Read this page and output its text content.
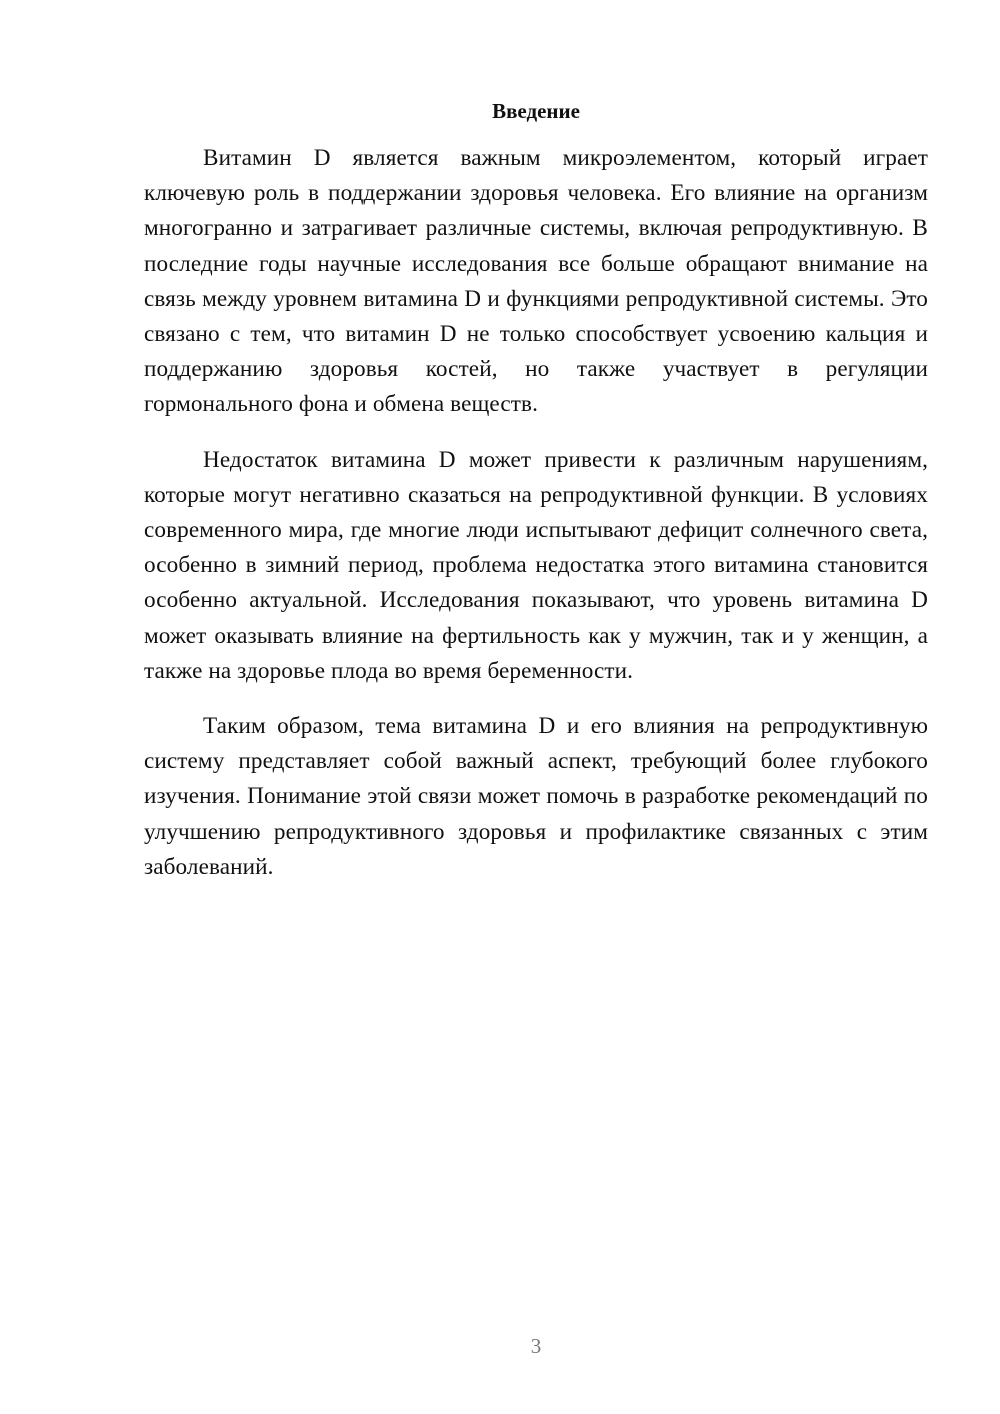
Введение

Витамин D является важным микроэлементом, который играет ключевую роль в поддержании здоровья человека. Его влияние на организм многогранно и затрагивает различные системы, включая репродуктивную. В последние годы научные исследования все больше обращают внимание на связь между уровнем витамина D и функциями репродуктивной системы. Это связано с тем, что витамин D не только способствует усвоению кальция и поддержанию здоровья костей, но также участвует в регуляции гормонального фона и обмена веществ.

Недостаток витамина D может привести к различным нарушениям, которые могут негативно сказаться на репродуктивной функции. В условиях современного мира, где многие люди испытывают дефицит солнечного света, особенно в зимний период, проблема недостатка этого витамина становится особенно актуальной. Исследования показывают, что уровень витамина D может оказывать влияние на фертильность как у мужчин, так и у женщин, а также на здоровье плода во время беременности.

Таким образом, тема витамина D и его влияния на репродуктивную систему представляет собой важный аспект, требующий более глубокого изучения. Понимание этой связи может помочь в разработке рекомендаций по улучшению репродуктивного здоровья и профилактике связанных с этим заболеваний.

3
